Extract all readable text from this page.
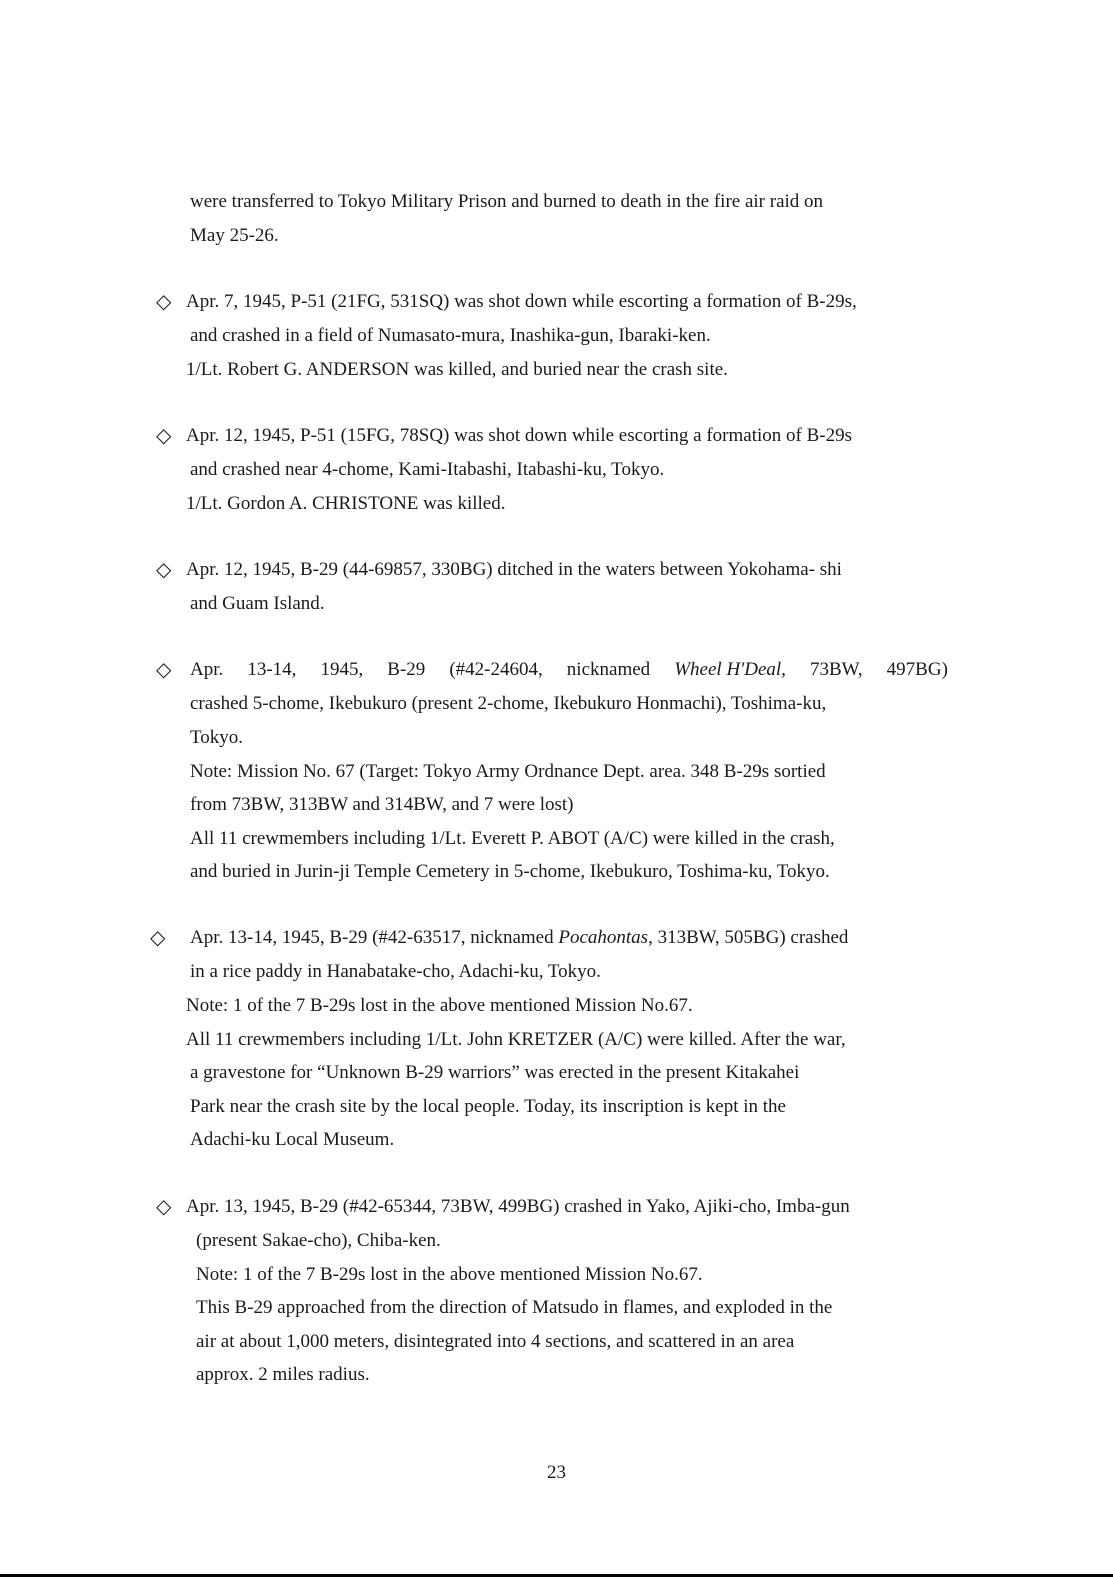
were transferred to Tokyo Military Prison and burned to death in the fire air raid on
May 25-26.
◇ Apr. 7, 1945, P-51 (21FG, 531SQ) was shot down while escorting a formation of B-29s,
and crashed in a field of Numasato-mura, Inashika-gun, Ibaraki-ken.
1/Lt. Robert G. ANDERSON was killed, and buried near the crash site.
◇ Apr. 12, 1945, P-51 (15FG, 78SQ) was shot down while escorting a formation of B-29s
and crashed near 4-chome, Kami-Itabashi, Itabashi-ku, Tokyo.
1/Lt. Gordon A. CHRISTONE was killed.
◇ Apr. 12, 1945, B-29 (44-69857, 330BG) ditched in the waters between Yokohama- shi
and Guam Island.
◇ Apr. 13-14, 1945, B-29 (#42-24604, nicknamed Wheel H'Deal, 73BW, 497BG)
crashed 5-chome, Ikebukuro (present 2-chome, Ikebukuro Honmachi), Toshima-ku,
Tokyo.
Note: Mission No. 67 (Target: Tokyo Army Ordnance Dept. area. 348 B-29s sortied
from 73BW, 313BW and 314BW, and 7 were lost)
All 11 crewmembers including 1/Lt. Everett P. ABOT (A/C) were killed in the crash,
and buried in Jurin-ji Temple Cemetery in 5-chome, Ikebukuro, Toshima-ku, Tokyo.
◇ Apr. 13-14, 1945, B-29 (#42-63517, nicknamed Pocahontas, 313BW, 505BG) crashed
in a rice paddy in Hanabatake-cho, Adachi-ku, Tokyo.
Note: 1 of the 7 B-29s lost in the above mentioned Mission No.67.
All 11 crewmembers including 1/Lt. John KRETZER (A/C) were killed. After the war,
a gravestone for “Unknown B-29 warriors” was erected in the present Kitakahei
Park near the crash site by the local people. Today, its inscription is kept in the
Adachi-ku Local Museum.
◇ Apr. 13, 1945, B-29 (#42-65344, 73BW, 499BG) crashed in Yako, Ajiki-cho, Imba-gun
(present Sakae-cho), Chiba-ken.
Note: 1 of the 7 B-29s lost in the above mentioned Mission No.67.
This B-29 approached from the direction of Matsudo in flames, and exploded in the
air at about 1,000 meters, disintegrated into 4 sections, and scattered in an area
approx. 2 miles radius.
23
